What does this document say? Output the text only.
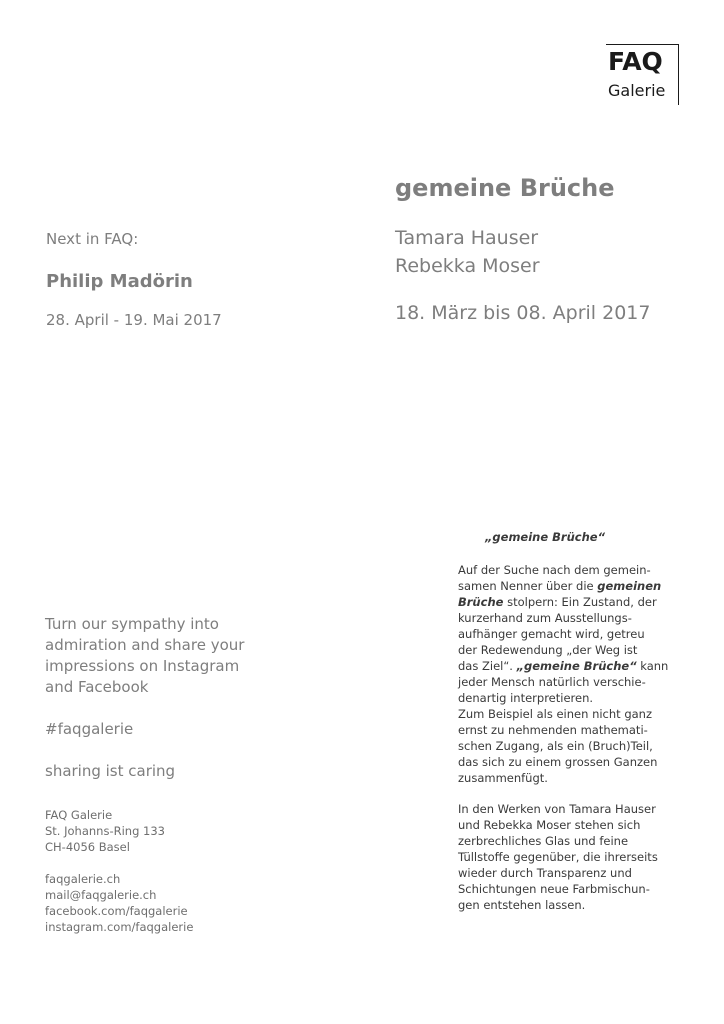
FAQ
Galerie
gemeine Brüche
Tamara Hauser
Rebekka Moser
18. März bis 08. April 2017
Next in FAQ:
Philip Madörin
28. April - 19. Mai 2017
Turn our sympathy into
admiration and share your
impressions on Instagram
and Facebook
#faqgalerie
sharing ist caring
FAQ Galerie
St. Johanns-Ring 133
CH-4056 Basel
faqgalerie.ch
mail@faqgalerie.ch
facebook.com/faqgalerie
instagram.com/faqgalerie
„gemeine Brüche“
Auf der Suche nach dem gemein-
samen Nenner über die gemeinen
Brüche stolpern: Ein Zustand, der
kurzerhand zum Ausstellungs-
aufhänger gemacht wird, getreu
der Redewendung „der Weg ist
das Ziel“. „gemeine Brüche“ kann
jeder Mensch natürlich verschie-
denartig interpretieren.
Zum Beispiel als einen nicht ganz
ernst zu nehmenden mathemati-
schen Zugang, als ein (Bruch)Teil,
das sich zu einem grossen Ganzen
zusammenfügt.
In den Werken von Tamara Hauser
und Rebekka Moser stehen sich
zerbrechliches Glas und feine
Tüllstoffe gegenüber, die ihrerseits
wieder durch Transparenz und
Schichtungen neue Farbmischun-
gen entstehen lassen.
